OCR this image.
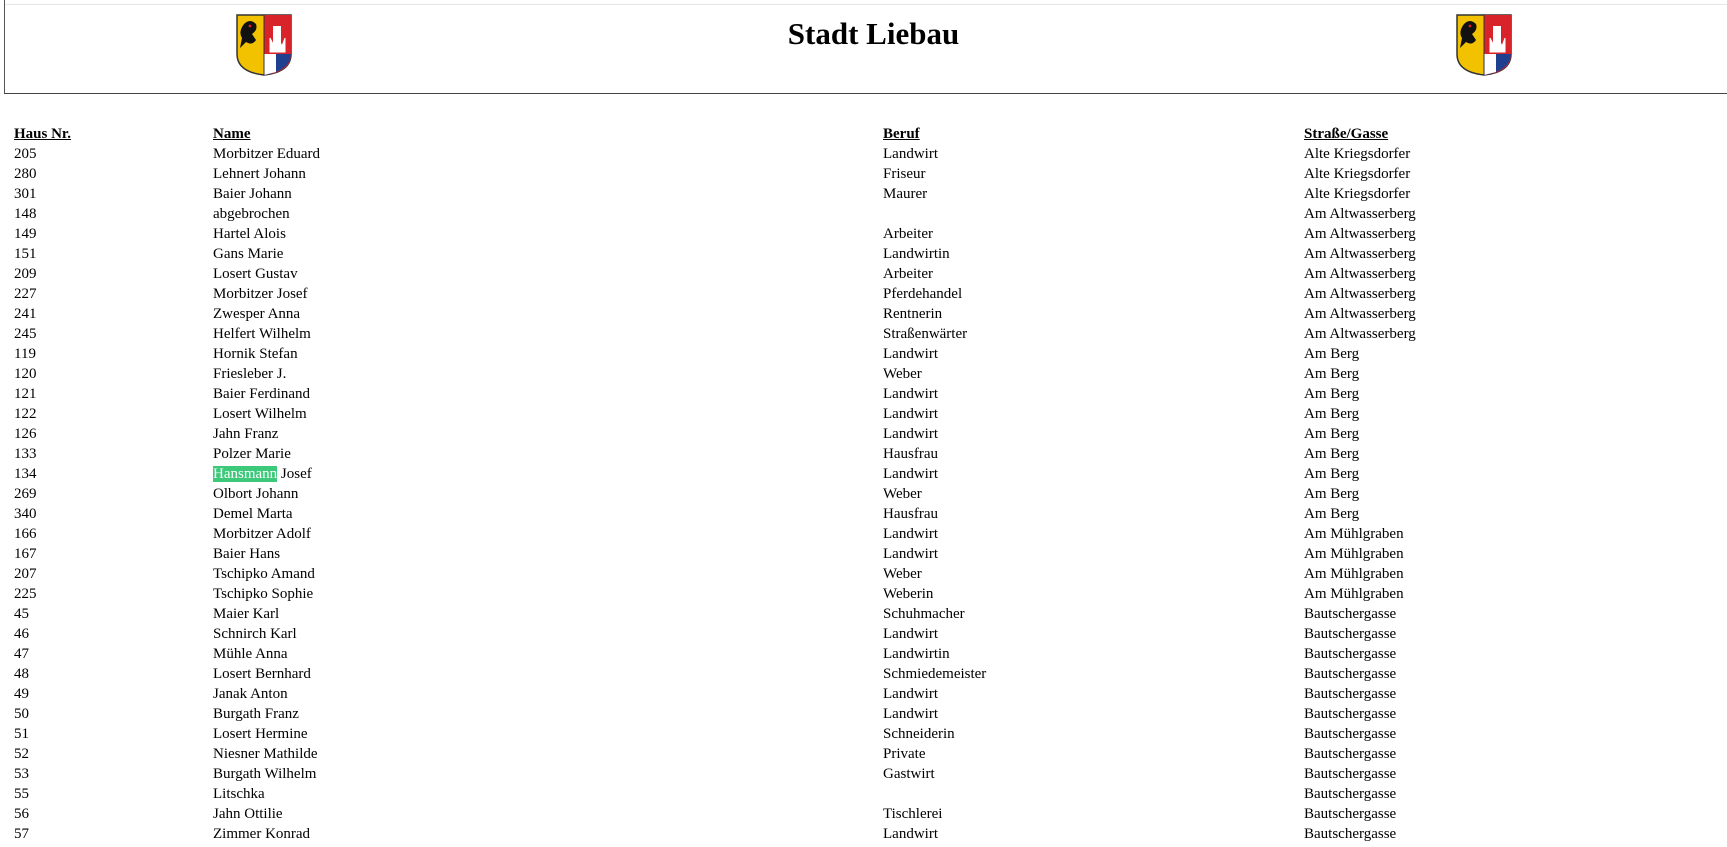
Stadt Liebau
Haus Nr.	Name	Beruf	Straße/Gasse
205	Morbitzer Eduard	Landwirt	Alte Kriegsdorfer
280	Lehnert Johann	Friseur	Alte Kriegsdorfer
301	Baier Johann	Maurer	Alte Kriegsdorfer
148	abgebrochen		Am Altwasserberg
149	Hartel Alois	Arbeiter	Am Altwasserberg
151	Gans Marie	Landwirtin	Am Altwasserberg
209	Losert Gustav	Arbeiter	Am Altwasserberg
227	Morbitzer Josef	Pferdehandel	Am Altwasserberg
241	Zwesper Anna	Rentnerin	Am Altwasserberg
245	Helfert Wilhelm	Straßenwärter	Am Altwasserberg
119	Hornik Stefan	Landwirt	Am Berg
120	Friesleber J.	Weber	Am Berg
121	Baier Ferdinand	Landwirt	Am Berg
122	Losert Wilhelm	Landwirt	Am Berg
126	Jahn Franz	Landwirt	Am Berg
133	Polzer Marie	Hausfrau	Am Berg
134	Hansmann Josef	Landwirt	Am Berg
269	Olbort Johann	Weber	Am Berg
340	Demel Marta	Hausfrau	Am Berg
166	Morbitzer Adolf	Landwirt	Am Mühlgraben
167	Baier Hans	Landwirt	Am Mühlgraben
207	Tschipko Amand	Weber	Am Mühlgraben
225	Tschipko Sophie	Weberin	Am Mühlgraben
45	Maier Karl	Schuhmacher	Bautschergasse
46	Schnirch Karl	Landwirt	Bautschergasse
47	Mühle Anna	Landwirtin	Bautschergasse
48	Losert Bernhard	Schmiedemeister	Bautschergasse
49	Janak Anton	Landwirt	Bautschergasse
50	Burgath Franz	Landwirt	Bautschergasse
51	Losert Hermine	Schneiderin	Bautschergasse
52	Niesner Mathilde	Private	Bautschergasse
53	Burgath Wilhelm	Gastwirt	Bautschergasse
55	Litschka		Bautschergasse
56	Jahn Ottilie	Tischlerei	Bautschergasse
57	Zimmer Konrad	Landwirt	Bautschergasse
